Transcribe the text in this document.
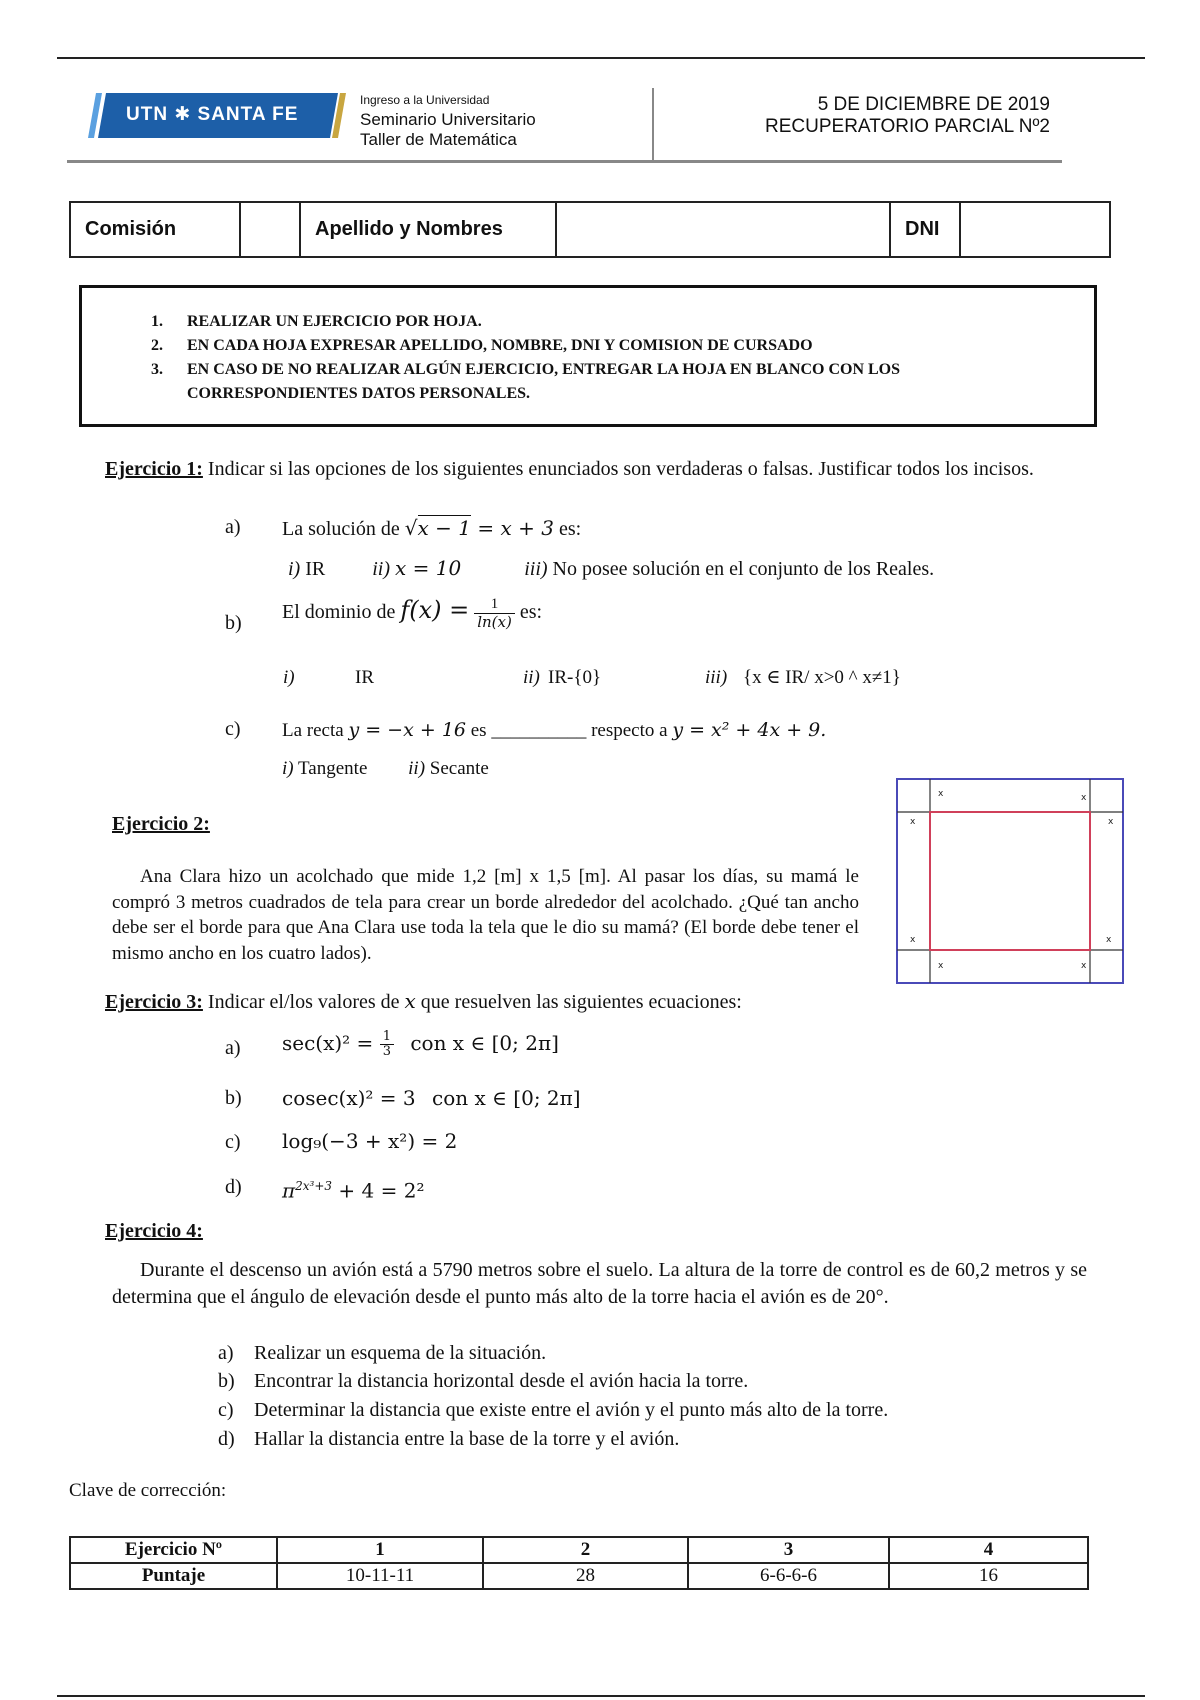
UTN ✱ SANTA FE
Ingreso a la Universidad
Seminario Universitario
Taller de Matemática
5 DE DICIEMBRE DE 2019
RECUPERATORIO PARCIAL Nº2
Comisión		Apellido y Nombres		DNI	
1. REALIZAR UN EJERCICIO POR HOJA.
2. EN CADA HOJA EXPRESAR APELLIDO, NOMBRE, DNI Y COMISION DE CURSADO
3. EN CASO DE NO REALIZAR ALGÚN EJERCICIO, ENTREGAR LA HOJA EN BLANCO CON LOS CORRESPONDIENTES DATOS PERSONALES.
Ejercicio 1: Indicar si las opciones de los siguientes enunciados son verdaderas o falsas. Justificar todos los incisos.
a) La solución de √x − 1 = x + 3 es:
i) IR ii) x = 10	iii) No posee solución en el conjunto de los Reales.
b) El dominio de $f(x) = \frac{1}{\ln(x)}$ es:
i)	IR	ii) IR-{0}	iii) {x ∈ IR/ x>0 ^ x≠1}
c) La recta y = −x + 16 es __________ respecto a y = x² + 4x + 9.
i) Tangente ii) Secante
Ejercicio 2:
Ana Clara hizo un acolchado que mide 1,2 [m] x 1,5 [m]. Al pasar los días, su mamá le compró 3 metros cuadrados de tela para crear un borde alrededor del acolchado. ¿Qué tan ancho debe ser el borde para que Ana Clara use toda la tela que le dio su mamá? (El borde debe tener el mismo ancho en los cuatro lados).
x	x
x	x
x	x
x	x
Ejercicio 3: Indicar el/los valores de x que resuelven las siguientes ecuaciones:
a) $\sec(x)^2 = \frac{1}{3}$ con x ∈ [0; 2π]
b) cosec(x)² = 3 con x ∈ [0; 2π]
c) log₉(−3 + x²) = 2
d) $\pi^{2x^3+3} + 4 = 2^2$
Ejercicio 4:
Durante el descenso un avión está a 5790 metros sobre el suelo. La altura de la torre de control es de 60,2 metros y se determina que el ángulo de elevación desde el punto más alto de la torre hacia el avión es de 20°.
a) Realizar un esquema de la situación.
b) Encontrar la distancia horizontal desde el avión hacia la torre.
c) Determinar la distancia que existe entre el avión y el punto más alto de la torre.
d) Hallar la distancia entre la base de la torre y el avión.
Clave de corrección:
Ejercicio Nº	1	2	3	4
Puntaje	10-11-11	28	6-6-6-6	16
